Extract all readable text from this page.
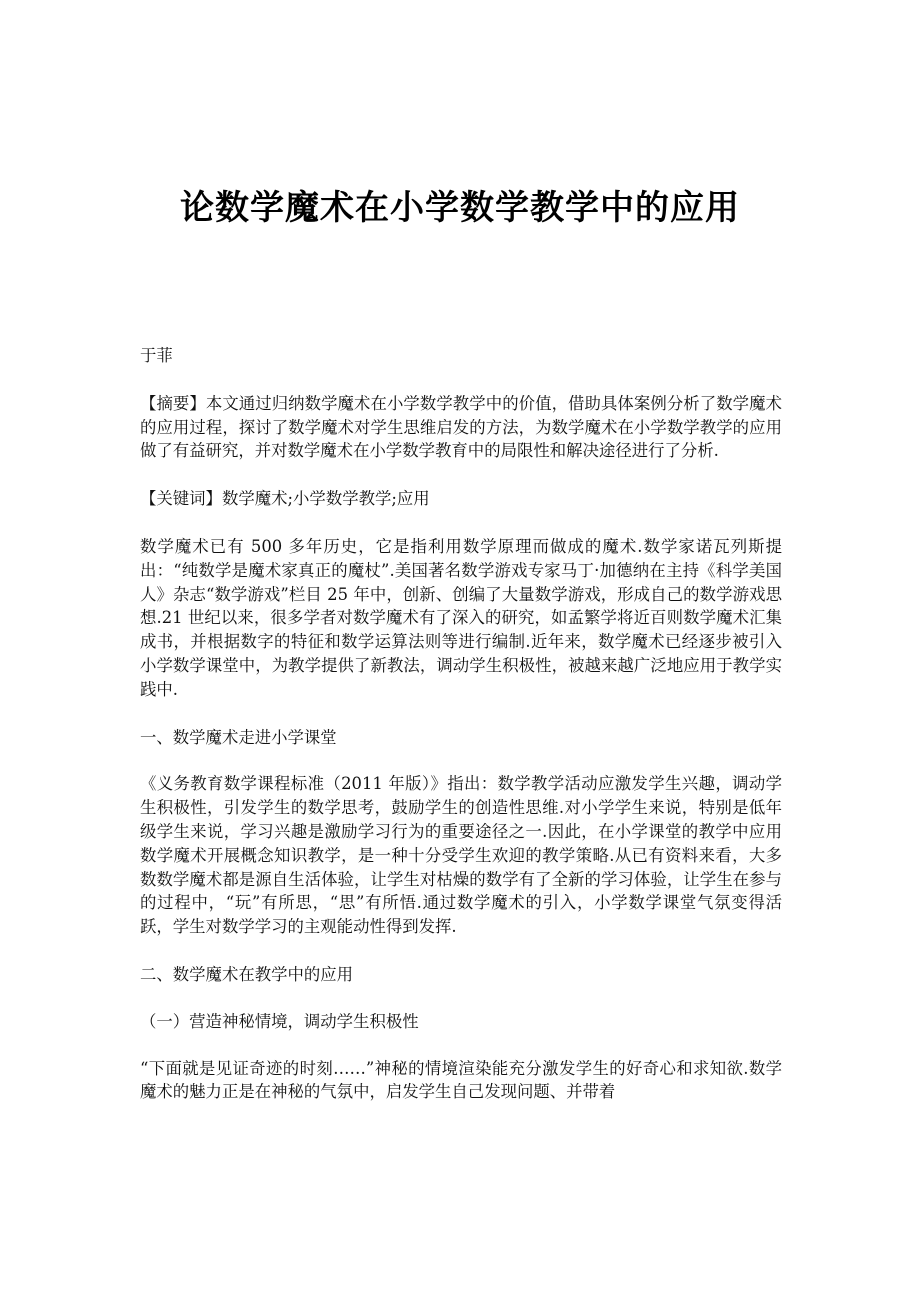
论数学魔术在小学数学教学中的应用

于菲

【摘要】本文通过归纳数学魔术在小学数学教学中的价值，借助具体案例分析了数学魔术的应用过程，探讨了数学魔术对学生思维启发的方法，为数学魔术在小学数学教学的应用做了有益研究，并对数学魔术在小学数学教育中的局限性和解决途径进行了分析.

【关键词】数学魔术;小学数学教学;应用

数学魔术已有 500 多年历史，它是指利用数学原理而做成的魔术.数学家诺瓦列斯提出：“纯数学是魔术家真正的魔杖”.美国著名数学游戏专家马丁·加德纳在主持《科学美国人》杂志“数学游戏”栏目 25 年中，创新、创编了大量数学游戏，形成自己的数学游戏思想.21 世纪以来，很多学者对数学魔术有了深入的研究，如孟繁学将近百则数学魔术汇集成书，并根据数字的特征和数学运算法则等进行编制.近年来，数学魔术已经逐步被引入小学数学课堂中，为教学提供了新教法，调动学生积极性，被越来越广泛地应用于教学实践中.

一、数学魔术走进小学课堂

《义务教育数学课程标准（2011 年版）》指出：数学教学活动应激发学生兴趣，调动学生积极性，引发学生的数学思考，鼓励学生的创造性思维.对小学学生来说，特别是低年级学生来说，学习兴趣是激励学习行为的重要途径之一.因此，在小学课堂的教学中应用数学魔术开展概念知识教学，是一种十分受学生欢迎的教学策略.从已有资料来看，大多数数学魔术都是源自生活体验，让学生对枯燥的数学有了全新的学习体验，让学生在参与的过程中，“玩”有所思，“思”有所悟.通过数学魔术的引入，小学数学课堂气氛变得活跃，学生对数学学习的主观能动性得到发挥.

二、数学魔术在教学中的应用

（一）营造神秘情境，调动学生积极性

“下面就是见证奇迹的时刻……”神秘的情境渲染能充分激发学生的好奇心和求知欲.数学魔术的魅力正是在神秘的气氛中，启发学生自己发现问题、并带着
